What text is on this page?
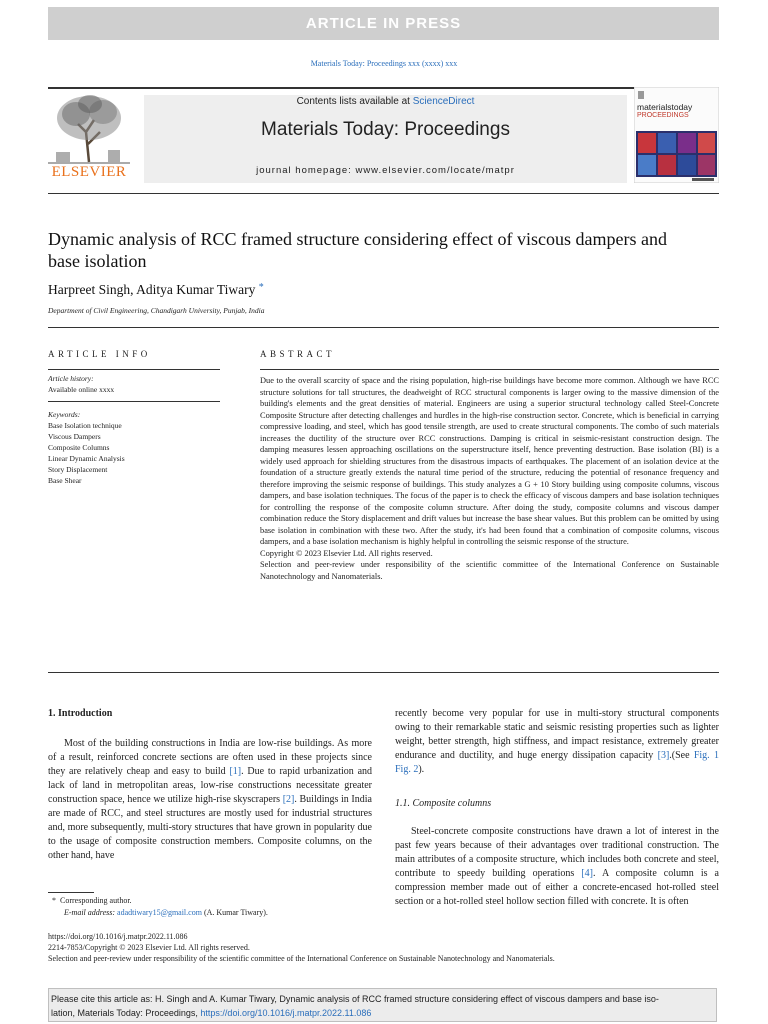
ARTICLE IN PRESS
Materials Today: Proceedings xxx (xxxx) xxx
ELSEVIER
Contents lists available at ScienceDirect
Materials Today: Proceedings
journal homepage: www.elsevier.com/locate/matpr
materialstoday
PROCEEDINGS
Dynamic analysis of RCC framed structure considering effect of viscous dampers and base isolation
Harpreet Singh, Aditya Kumar Tiwary *
Department of Civil Engineering, Chandigarh University, Punjab, India
ARTICLE INFO
Article history:
Available online xxxx
Keywords:
Base Isolation technique
Viscous Dampers
Composite Columns
Linear Dynamic Analysis
Story Displacement
Base Shear
ABSTRACT

Due to the overall scarcity of space and the rising population, high-rise buildings have become more common. Although we have RCC structure solutions for tall structures, the deadweight of RCC structural components is larger owing to the massive dimension of the building's elements and the great densities of material. Engineers are using a superior structural technology called Steel-Concrete Composite Structure after detecting challenges and hurdles in the high-rise construction sector. Concrete, which is beneficial in carrying compressive loading, and steel, which has good tensile strength, are used to create structural components. The combo of such materials increases the ductility of the structure over RCC constructions. Damping is critical in seismic-resistant construction design. The damping measures lessen approaching oscillations on the superstructure itself, hence preventing destruction. Base isolation (BI) is a widely used approach for shielding structures from the disastrous impacts of earthquakes. The placement of an isolation device at the foundation of a structure greatly extends the natural time period of the structure, reducing the potential of resonance frequency and therefore improving the seismic response of buildings. This study analyzes a G + 10 Story building using composite columns, viscous dampers, and base isolation techniques. The focus of the paper is to check the efficacy of viscous dampers and base isolation techniques for controlling the response of the composite column structure. After doing the study, composite columns and viscous damper combination reduce the Story displacement and drift values but increase the base shear values. But this problem can be omitted by using base isolation in combination with these two. After the study, it's had been found that a combination of composite columns, viscous dampers, and a base isolation mechanism is highly helpful in controlling the seismic response of the structure.

Copyright © 2023 Elsevier Ltd. All rights reserved.

Selection and peer-review under responsibility of the scientific committee of the International Conference on Sustainable Nanotechnology and Nanomaterials.

1. Introduction

Most of the building constructions in India are low-rise buildings. As more of a result, reinforced concrete sections are often used in these projects since they are relatively cheap and easy to build [1]. Due to rapid urbanization and lack of land in metropolitan areas, low-rise constructions necessitate greater construction space, hence we utilize high-rise skyscrapers [2]. Buildings in India are made of RCC, and steel structures are mostly used for industrial structures and, more subsequently, multi-story structures that have grown in popularity due to the usage of composite construction members. Composite columns, on the other hand, have

recently become very popular for use in multi-story structural components owing to their remarkable static and seismic resisting properties such as lighter weight, better strength, high stiffness, and impact resistance, extremely greater endurance and ductility, and huge energy dissipation capacity [3].(See Fig. 1 Fig. 2).

1.1. Composite columns

Steel-concrete composite constructions have drawn a lot of interest in the past few years because of their advantages over traditional construction. The main attributes of a composite structure, which includes both concrete and steel, contribute to speedy building operations [4]. A composite column is a compression member made out of either a concrete-encased hot-rolled steel section or a hot-rolled steel hollow section filled with concrete. It is often

* Corresponding author.
E-mail address: adadtiwary15@gmail.com (A. Kumar Tiwary).
https://doi.org/10.1016/j.matpr.2022.11.086
2214-7853/Copyright © 2023 Elsevier Ltd. All rights reserved.
Selection and peer-review under responsibility of the scientific committee of the International Conference on Sustainable Nanotechnology and Nanomaterials.
Please cite this article as: H. Singh and A. Kumar Tiwary, Dynamic analysis of RCC framed structure considering effect of viscous dampers and base iso-
lation, Materials Today: Proceedings, https://doi.org/10.1016/j.matpr.2022.11.086
